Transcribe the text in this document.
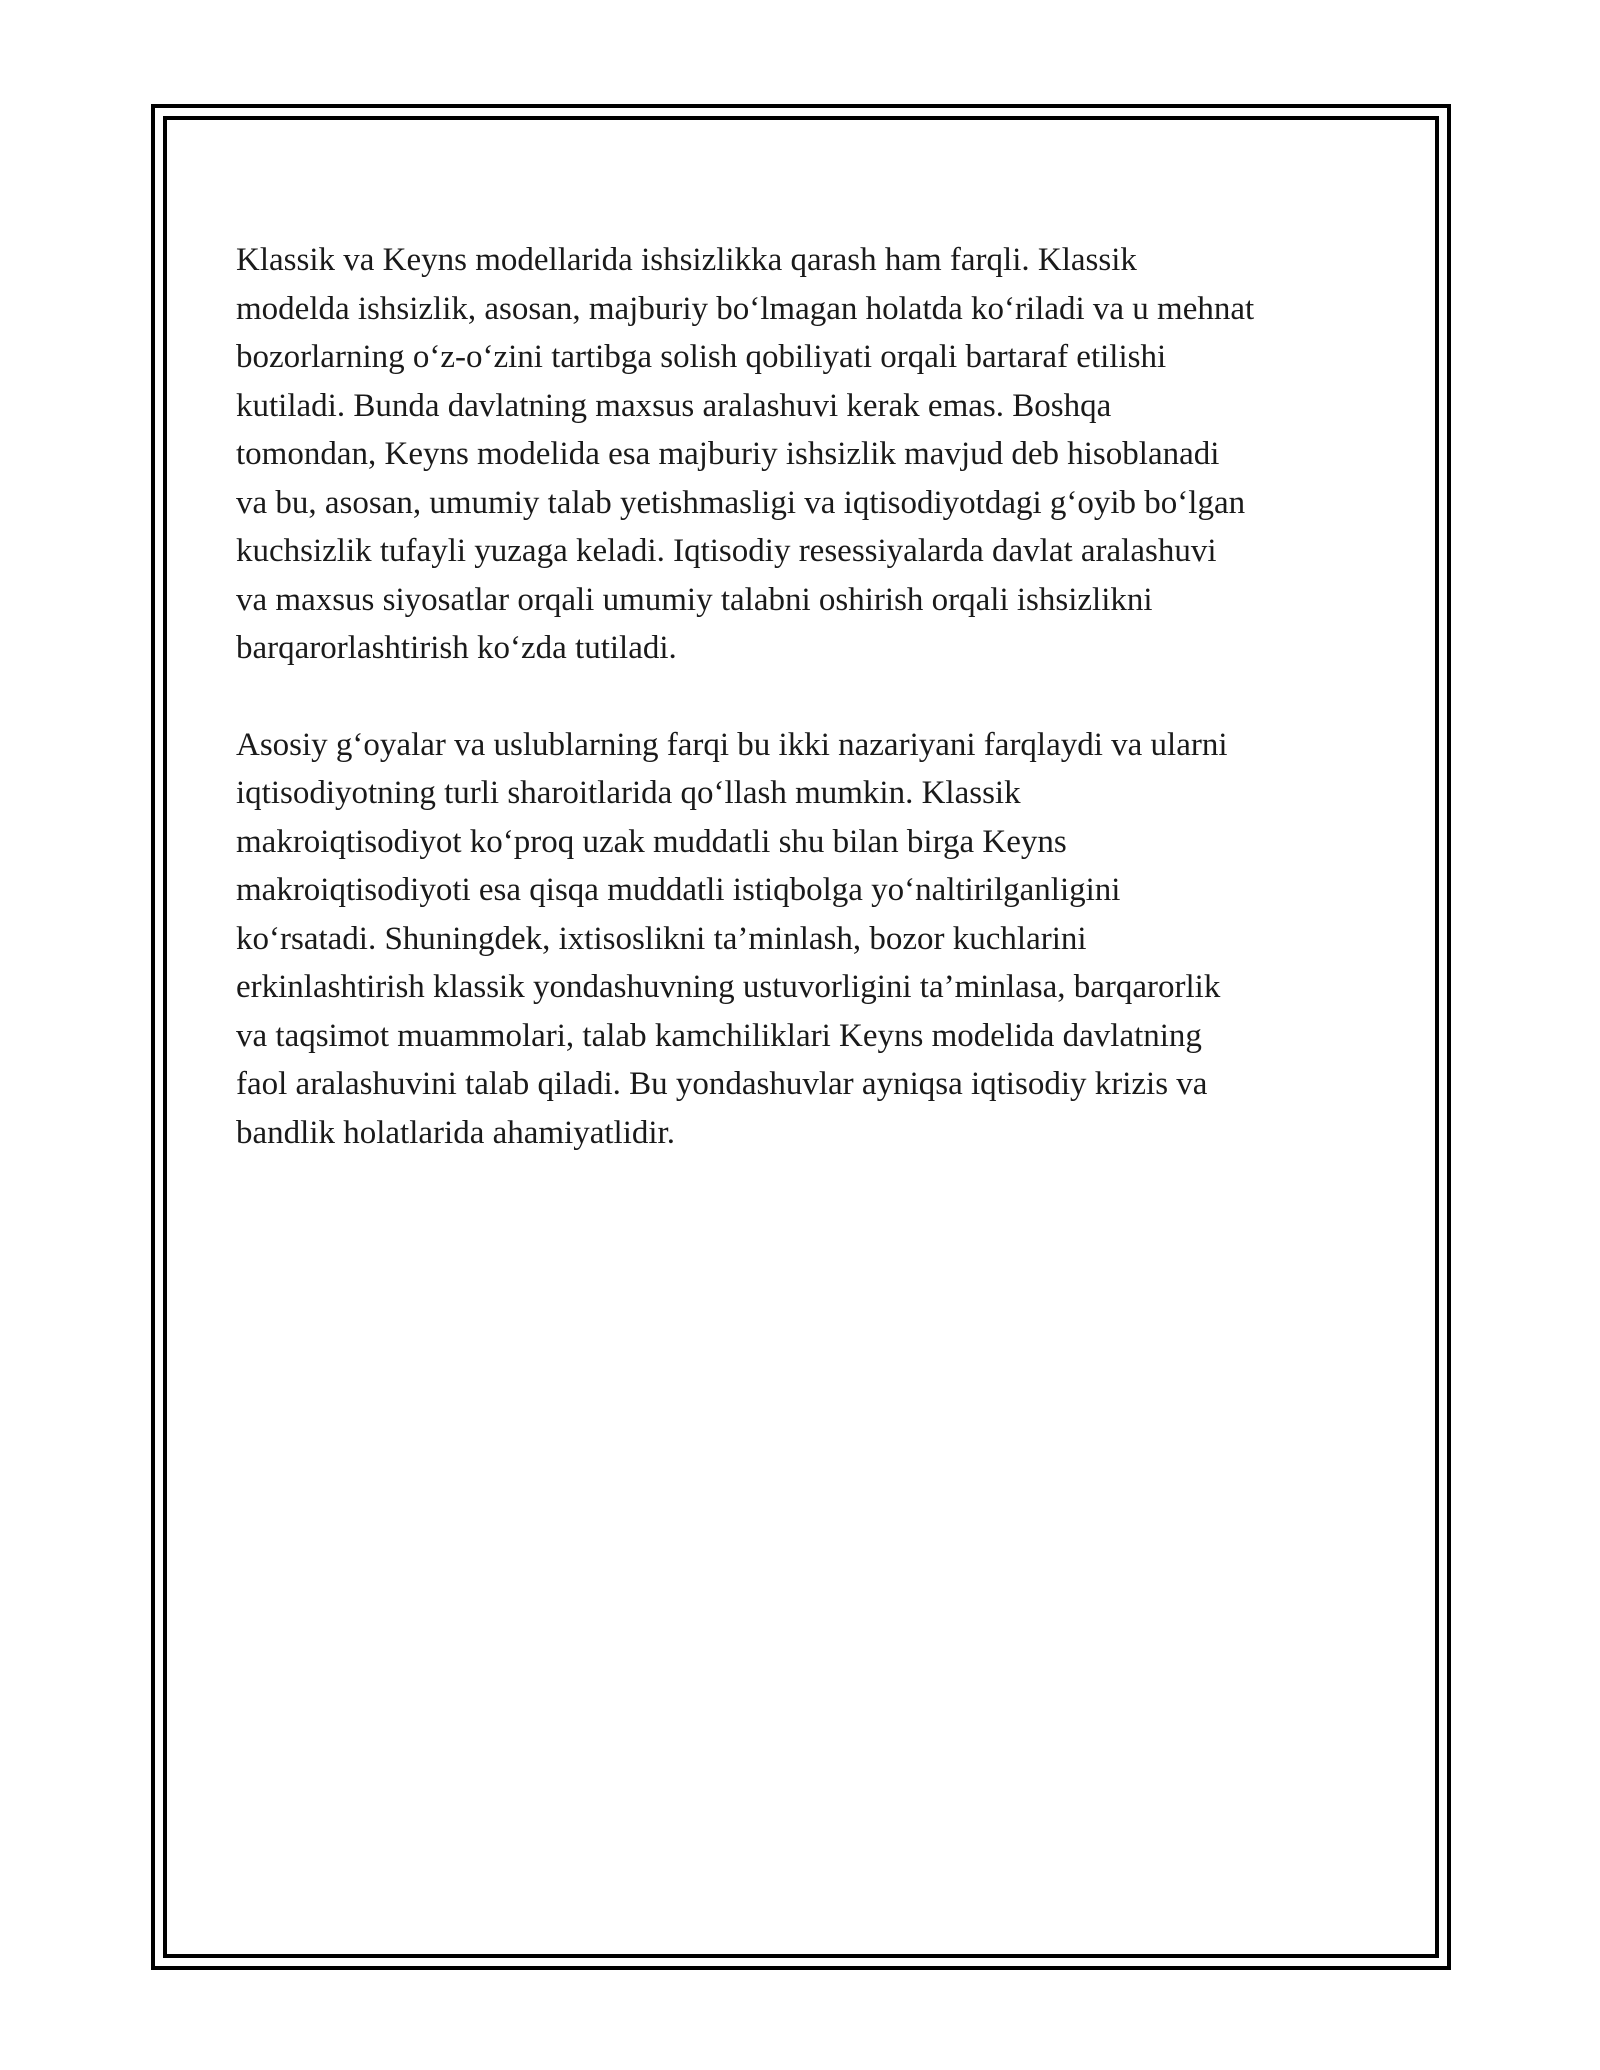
Klassik va Keyns modellarida ishsizlikka qarash ham farqli. Klassik
modelda ishsizlik, asosan, majburiy bo‘lmagan holatda ko‘riladi va u mehnat
bozorlarning o‘z-o‘zini tartibga solish qobiliyati orqali bartaraf etilishi
kutiladi. Bunda davlatning maxsus aralashuvi kerak emas. Boshqa
tomondan, Keyns modelida esa majburiy ishsizlik mavjud deb hisoblanadi
va bu, asosan, umumiy talab yetishmasligi va iqtisodiyotdagi g‘oyib bo‘lgan
kuchsizlik tufayli yuzaga keladi. Iqtisodiy resessiyalarda davlat aralashuvi
va maxsus siyosatlar orqali umumiy talabni oshirish orqali ishsizlikni
barqarorlashtirish ko‘zda tutiladi.

Asosiy g‘oyalar va uslublarning farqi bu ikki nazariyani farqlaydi va ularni
iqtisodiyotning turli sharoitlarida qo‘llash mumkin. Klassik
makroiqtisodiyot ko‘proq uzak muddatli shu bilan birga Keyns
makroiqtisodiyoti esa qisqa muddatli istiqbolga yo‘naltirilganligini
ko‘rsatadi. Shuningdek, ixtisoslikni ta’minlash, bozor kuchlarini
erkinlashtirish klassik yondashuvning ustuvorligini ta’minlasa, barqarorlik
va taqsimot muammolari, talab kamchiliklari Keyns modelida davlatning
faol aralashuvini talab qiladi. Bu yondashuvlar ayniqsa iqtisodiy krizis va
bandlik holatlarida ahamiyatlidir.
